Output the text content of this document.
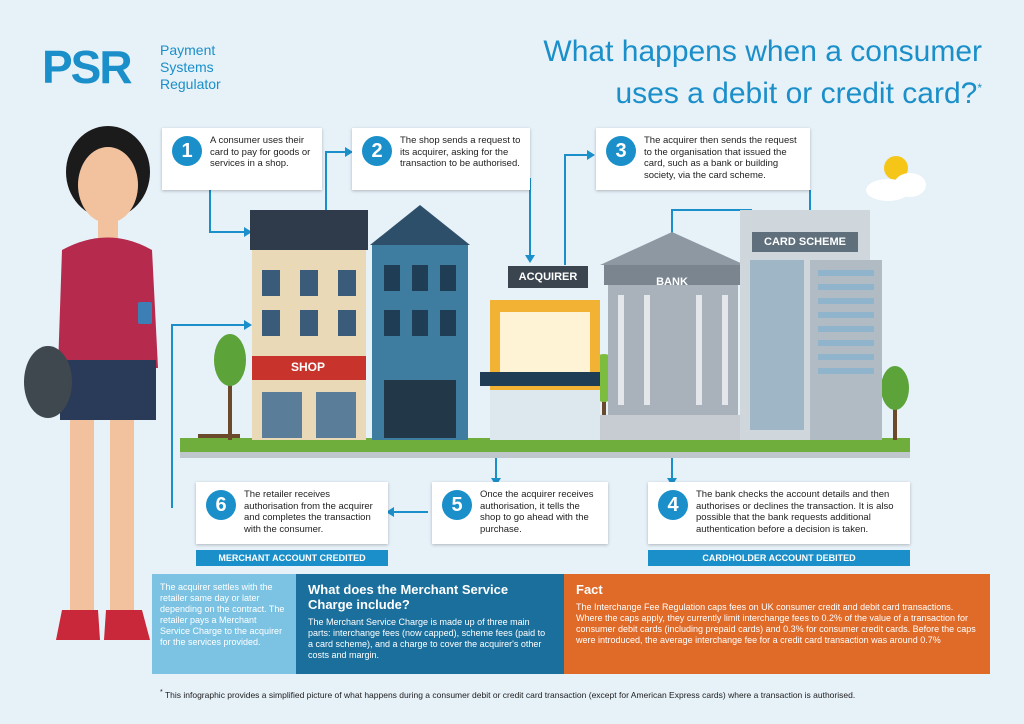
PSR Payment
Systems
Regulator
What happens when a consumer
uses a debit or credit card?*
SHOP
ACQUIRER	BANK
CARD SCHEME
1	A consumer uses their card to pay for goods or services in a shop.
2	The shop sends a request to its acquirer, asking for the transaction to be authorised.
3	The acquirer then sends the request to the organisation that issued the card, such as a bank or building society, via the card scheme.
4	The bank checks the account details and then authorises or declines the transaction. It is also possible that the bank requests additional authentication before a decision is taken.
5	Once the acquirer receives authorisation, it tells the shop to go ahead with the purchase.
6	The retailer receives authorisation from the acquirer and completes the transaction with the consumer.
MERCHANT ACCOUNT CREDITED	CARDHOLDER ACCOUNT DEBITED
The acquirer settles with the retailer same day or later depending on the contract. The retailer pays a Merchant Service Charge to the acquirer for the services provided.
What does the Merchant Service Charge include?
The Merchant Service Charge is made up of three main parts: interchange fees (now capped), scheme fees (paid to a card scheme), and a charge to cover the acquirer's other costs and margin.
Fact
The Interchange Fee Regulation caps fees on UK consumer credit and debit card transactions. Where the caps apply, they currently limit interchange fees to 0.2% of the value of a transaction for consumer debit cards (including prepaid cards) and 0.3% for consumer credit cards. Before the caps were introduced, the average interchange fee for a credit card transaction was around 0.7%
* This infographic provides a simplified picture of what happens during a consumer debit or credit card transaction (except for American Express cards) where a transaction is authorised.
